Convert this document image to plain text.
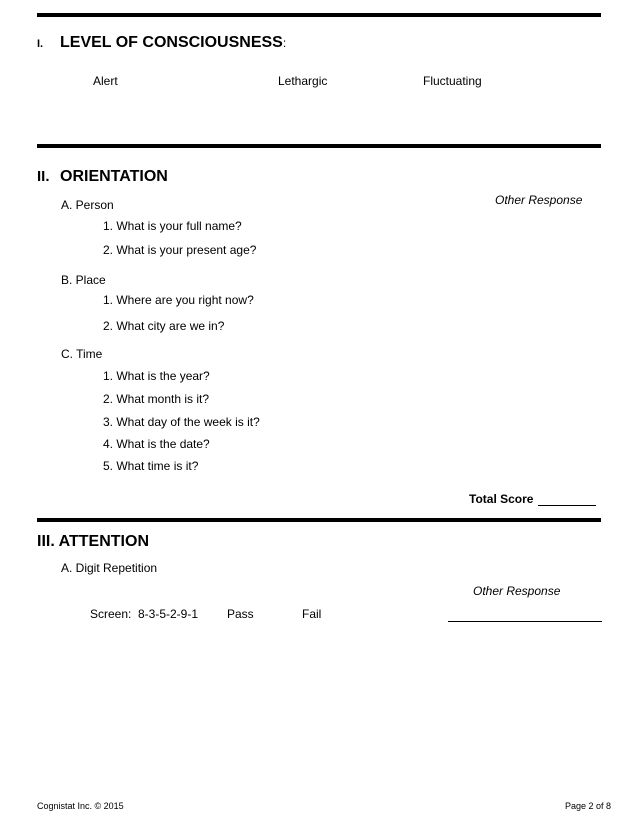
I. LEVEL OF CONSCIOUSNESS:
Alert	Lethargic	Fluctuating
II. ORIENTATION
Other Response
A. Person
1. What is your full name?
2. What is your present age?
B. Place
1. Where are you right now?
2. What city are we in?
C. Time
1. What is the year?
2. What month is it?
3. What day of the week is it?
4. What is the date?
5. What time is it?
Total Score
III. ATTENTION
A. Digit Repetition
Other Response
Screen: 8-3-5-2-9-1 Pass	Fail
Cognistat Inc. © 2015	Page 2 of 8
